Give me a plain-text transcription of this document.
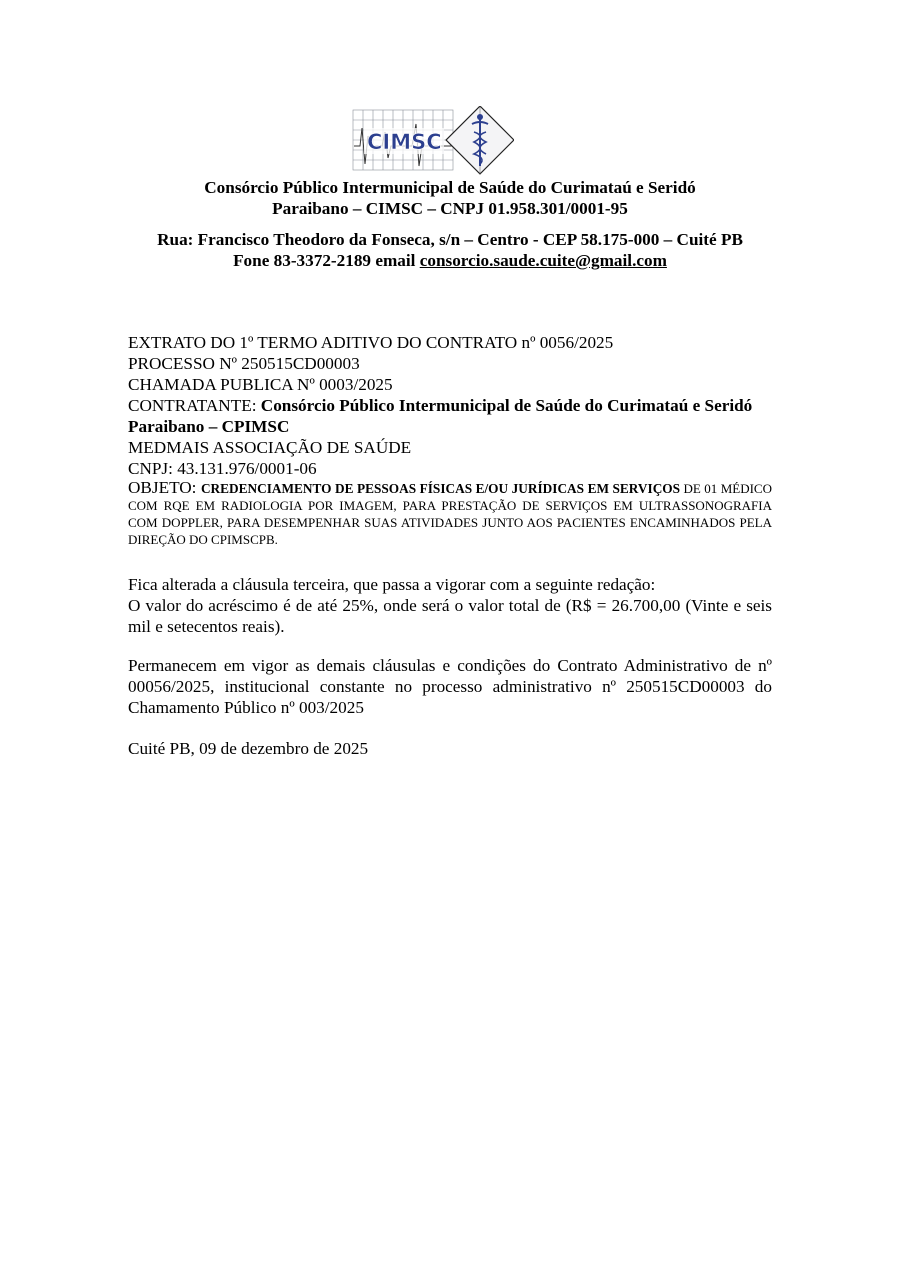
CIMSC
Consórcio Público Intermunicipal de Saúde do Curimataú e Seridó
Paraibano – CIMSC – CNPJ 01.958.301/0001-95
Rua: Francisco Theodoro da Fonseca, s/n – Centro - CEP 58.175-000 – Cuité PB
Fone 83-3372-2189 email consorcio.saude.cuite@gmail.com
EXTRATO DO 1º TERMO ADITIVO DO CONTRATO nº 0056/2025
PROCESSO Nº 250515CD00003
CHAMADA PUBLICA Nº 0003/2025
CONTRATANTE: Consórcio Público Intermunicipal de Saúde do Curimataú e Seridó Paraibano – CPIMSC
MEDMAIS ASSOCIAÇÃO DE SAÚDE
CNPJ: 43.131.976/0001-06
OBJETO: CREDENCIAMENTO DE PESSOAS FÍSICAS E/OU JURÍDICAS EM SERVIÇOS DE 01 MÉDICO COM RQE EM RADIOLOGIA POR IMAGEM, PARA PRESTAÇÃO DE SERVIÇOS EM ULTRASSONOGRAFIA COM DOPPLER, PARA DESEMPENHAR SUAS ATIVIDADES JUNTO AOS PACIENTES ENCAMINHADOS PELA DIREÇÃO DO CPIMSCPB.
Fica alterada a cláusula terceira, que passa a vigorar com a seguinte redação:
O valor do acréscimo é de até 25%, onde será o valor total de (R$ = 26.700,00 (Vinte e seis mil e setecentos reais).
Permanecem em vigor as demais cláusulas e condições do Contrato Administrativo de nº 00056/2025, institucional constante no processo administrativo nº 250515CD00003 do Chamamento Público nº 003/2025
Cuité PB, 09 de dezembro de 2025
